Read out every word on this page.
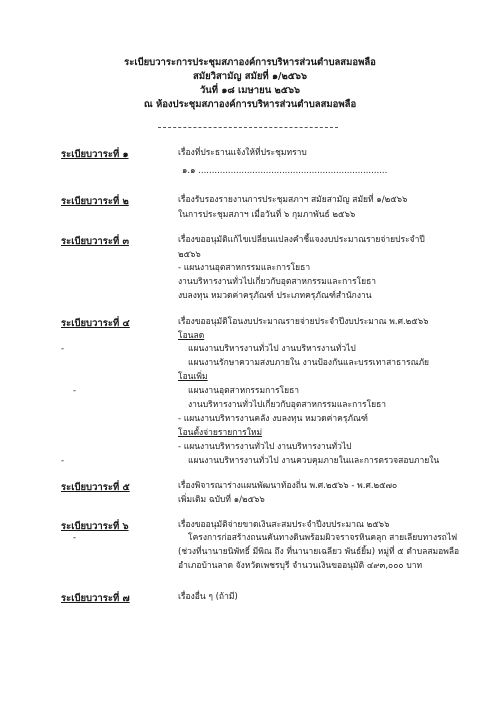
ระเบียบวาระการประชุมสภาองค์การบริหารส่วนตำบลสมอพลือ
สมัยวิสามัญ สมัยที่ ๑/๒๕๖๖
วันที่ ๑๘ เมษายน ๒๕๖๖
ณ ห้องประชุมสภาองค์การบริหารส่วนตำบลสมอพลือ
ระเบียบวาระที่ ๑	เรื่องที่ประธานแจ้งให้ที่ประชุมทราบ
๑.๑ ......................................................................
ระเบียบวาระที่ ๒	เรื่องรับรองรายงานการประชุมสภาฯ สมัยสามัญ สมัยที่ ๑/๒๕๖๖
ในการประชุมสภาฯ เมื่อวันที่ ๖ กุมภาพันธ์ ๒๕๖๖
ระเบียบวาระที่ ๓	เรื่องขออนุมัติแก้ไขเปลี่ยนแปลงคำชี้แจงงบประมาณรายจ่ายประจำปี
๒๕๖๖
- แผนงานอุตสาหกรรมและการโยธา
งานบริหารงานทั่วไปเกี่ยวกับอุตสาหกรรมและการโยธา
งบลงทุน หมวดค่าครุภัณฑ์ ประเภทครุภัณฑ์สำนักงาน
ระเบียบวาระที่ ๔	เรื่องขออนุมัติโอนงบประมาณรายจ่ายประจำปีงบประมาณ พ.ศ.๒๕๖๖
โอนลด
-	แผนงานบริหารงานทั่วไป งานบริหารงานทั่วไป
แผนงานรักษาความสงบภายใน งานป้องกันและบรรเทาสาธารณภัย
โอนเพิ่ม
-	แผนงานอุตสาหกรรมการโยธา
งานบริหารงานทั่วไปเกี่ยวกับอุตสาหกรรมและการโยธา
- แผนงานบริหารงานคลัง งบลงทุน หมวดค่าครุภัณฑ์
โอนตั้งจ่ายรายการใหม่
- แผนงานบริหารงานทั่วไป งานบริหารงานทั่วไป
-	แผนงานบริหารงานทั่วไป งานควบคุมภายในและการตรวจสอบภายใน
ระเบียบวาระที่ ๕	เรื่องพิจารณาร่างแผนพัฒนาท้องถิ่น พ.ศ.๒๕๖๖ - พ.ศ.๒๕๗๐
เพิ่มเติม ฉบับที่ ๑/๒๕๖๖
ระเบียบวาระที่ ๖	เรื่องขออนุมัติจ่ายขาดเงินสะสมประจำปีงบประมาณ ๒๕๖๖
-	โครงการก่อสร้างถนนคันทางดินพร้อมผิวจราจรหินคลุก สายเลียบทางรถไฟ
(ช่วงที่นานายนิพัทธิ์ มีพิณ ถึง ที่นานายเฉลียว พันธ์ยิ้ม) หมู่ที่ ๕ ตำบลสมอพลือ
อำเภอบ้านลาด จังหวัดเพชรบุรี จำนวนเงินขออนุมัติ ๔๙๓,๐๐๐ บาท
ระเบียบวาระที่ ๗	เรื่องอื่น ๆ (ถ้ามี)
